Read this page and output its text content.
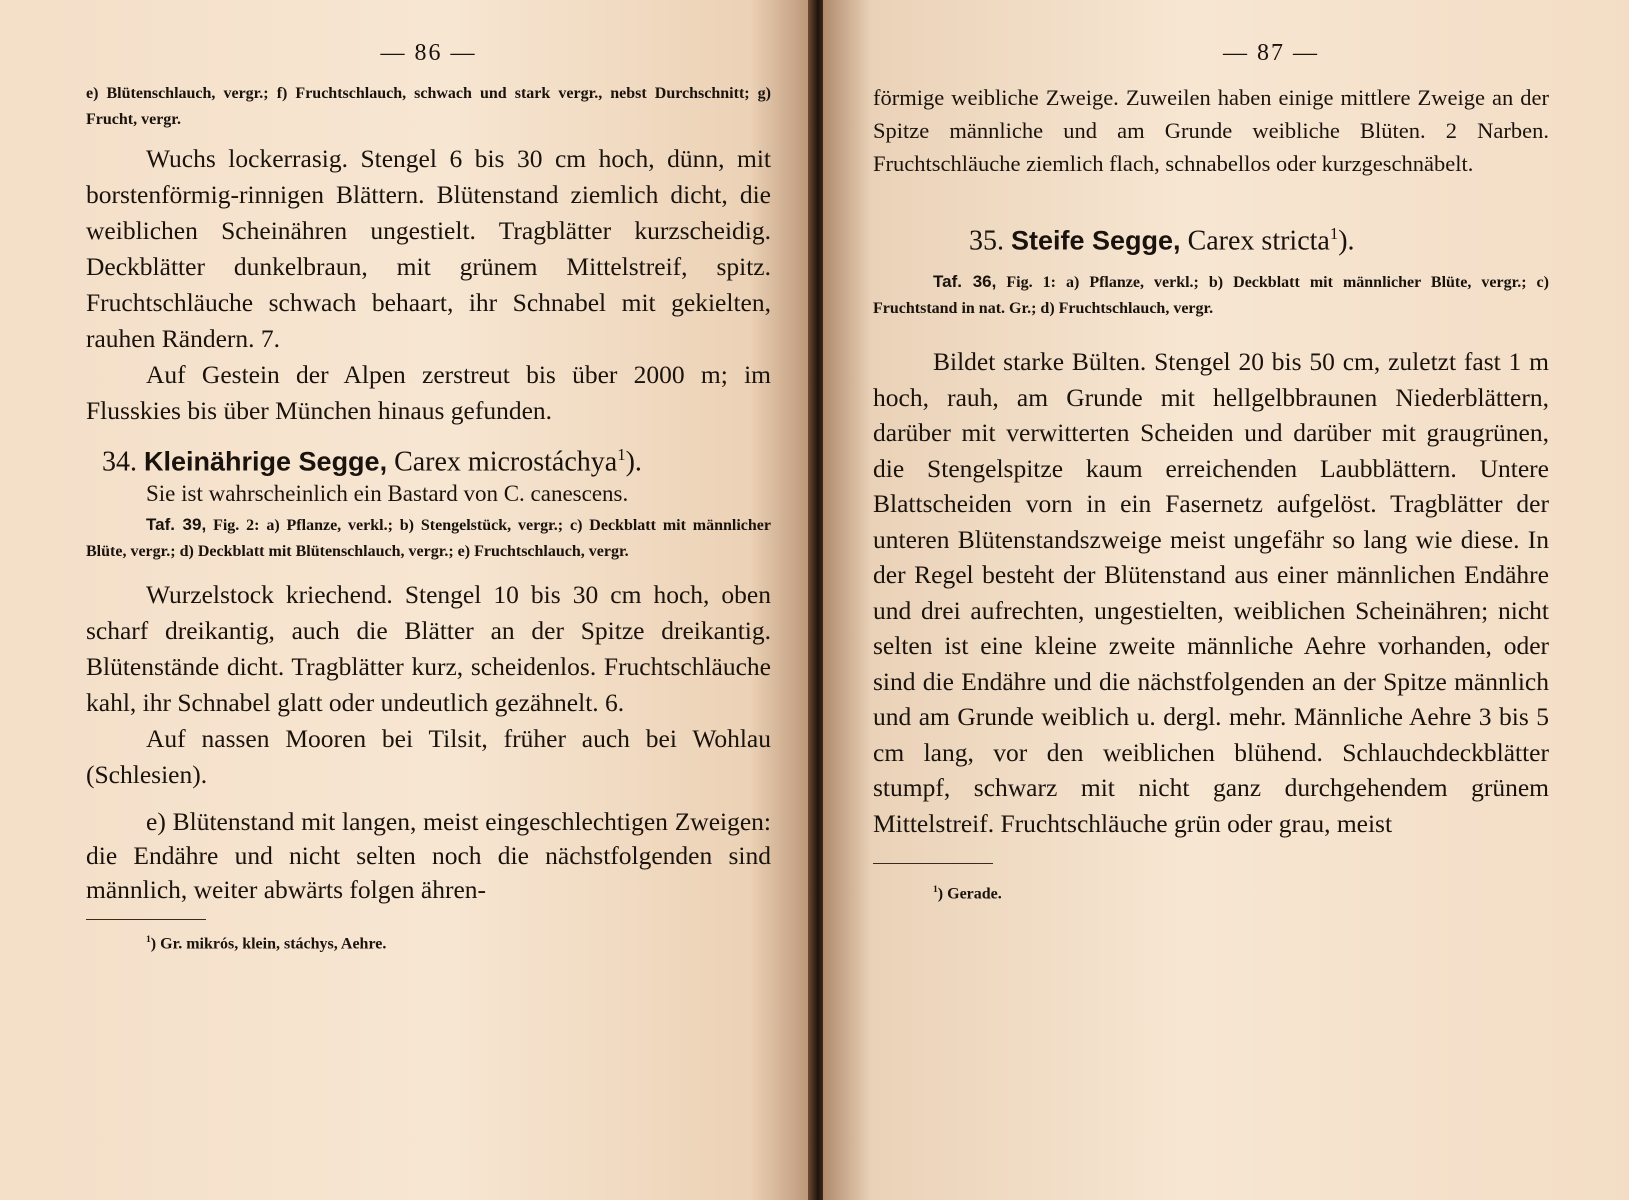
— 86 —

e) Blütenschlauch, vergr.; f) Fruchtschlauch, schwach und stark vergr., nebst Durchschnitt; g) Frucht, vergr.

Wuchs lockerrasig. Stengel 6 bis 30 cm hoch, dünn, mit borstenförmig-rinnigen Blättern. Blütenstand ziemlich dicht, die weiblichen Scheinähren ungestielt. Tragblätter kurzscheidig. Deckblätter dunkelbraun, mit grünem Mittelstreif, spitz. Fruchtschläuche schwach behaart, ihr Schnabel mit gekielten, rauhen Rändern. 7.

Auf Gestein der Alpen zerstreut bis über 2000 m; im Flusskies bis über München hinaus gefunden.

34. Kleinährige Segge, Carex microstáchya$^1$).

Sie ist wahrscheinlich ein Bastard von C. canescens.

Taf. 39, Fig. 2: a) Pflanze, verkl.; b) Stengelstück, vergr.; c) Deckblatt mit männlicher Blüte, vergr.; d) Deckblatt mit Blütenschlauch, vergr.; e) Fruchtschlauch, vergr.

Wurzelstock kriechend. Stengel 10 bis 30 cm hoch, oben scharf dreikantig, auch die Blätter an der Spitze dreikantig. Blütenstände dicht. Tragblätter kurz, scheidenlos. Fruchtschläuche kahl, ihr Schnabel glatt oder undeutlich gezähnelt. 6.

Auf nassen Mooren bei Tilsit, früher auch bei Wohlau (Schlesien).

e) Blütenstand mit langen, meist eingeschlechtigen Zweigen: die Endähre und nicht selten noch die nächstfolgenden sind männlich, weiter abwärts folgen ähren-

$^1$) Gr. mikrós, klein, stáchys, Aehre.

— 87 —

förmige weibliche Zweige. Zuweilen haben einige mittlere Zweige an der Spitze männliche und am Grunde weibliche Blüten. 2 Narben. Fruchtschläuche ziemlich flach, schnabellos oder kurzgeschnäbelt.

35. Steife Segge, Carex stricta$^1$).

Taf. 36, Fig. 1: a) Pflanze, verkl.; b) Deckblatt mit männlicher Blüte, vergr.; c) Fruchtstand in nat. Gr.; d) Fruchtschlauch, vergr.

Bildet starke Bülten. Stengel 20 bis 50 cm, zuletzt fast 1 m hoch, rauh, am Grunde mit hellgelbbraunen Niederblättern, darüber mit verwitterten Scheiden und darüber mit graugrünen, die Stengelspitze kaum erreichenden Laubblättern. Untere Blattscheiden vorn in ein Fasernetz aufgelöst. Tragblätter der unteren Blütenstandszweige meist ungefähr so lang wie diese. In der Regel besteht der Blütenstand aus einer männlichen Endähre und drei aufrechten, ungestielten, weiblichen Scheinähren; nicht selten ist eine kleine zweite männliche Aehre vorhanden, oder sind die Endähre und die nächstfolgenden an der Spitze männlich und am Grunde weiblich u. dergl. mehr. Männliche Aehre 3 bis 5 cm lang, vor den weiblichen blühend. Schlauchdeckblätter stumpf, schwarz mit nicht ganz durchgehendem grünem Mittelstreif. Fruchtschläuche grün oder grau, meist

$^1$) Gerade.
